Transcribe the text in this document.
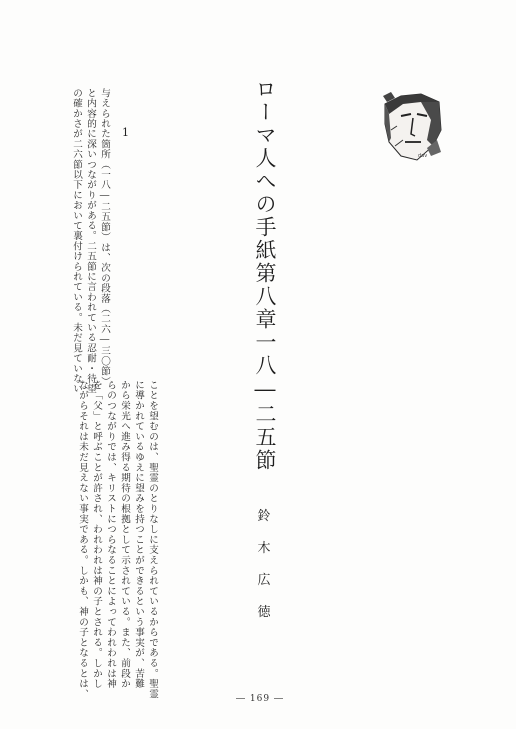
dav
ローマ人への手紙第八章一八―二五節
鈴
木
広
徳
1
与えられた箇所（一八―二五節）は、次の段落（二六―三〇節）
と内容的に深いつながりがある。二五節に言われている忍耐・待望
の確かさが二六節以下において裏付けられている。未だ見ていない
ことを望むのは、聖霊のとりなしに支えられているからである。聖霊
に導かれているゆえに望みを持つことができるという事実が、苦難
から栄光へ進み得る期待の根拠として示されている。また、前段か
らのつながりでは、キリストにつらなることによってわれわれは神
を「父」と呼ぶことが許され、われわれは神の子とされる。しかし
ながらそれは未だ見えない事実である。しかも、神の子となるとは、	― 169 ―
